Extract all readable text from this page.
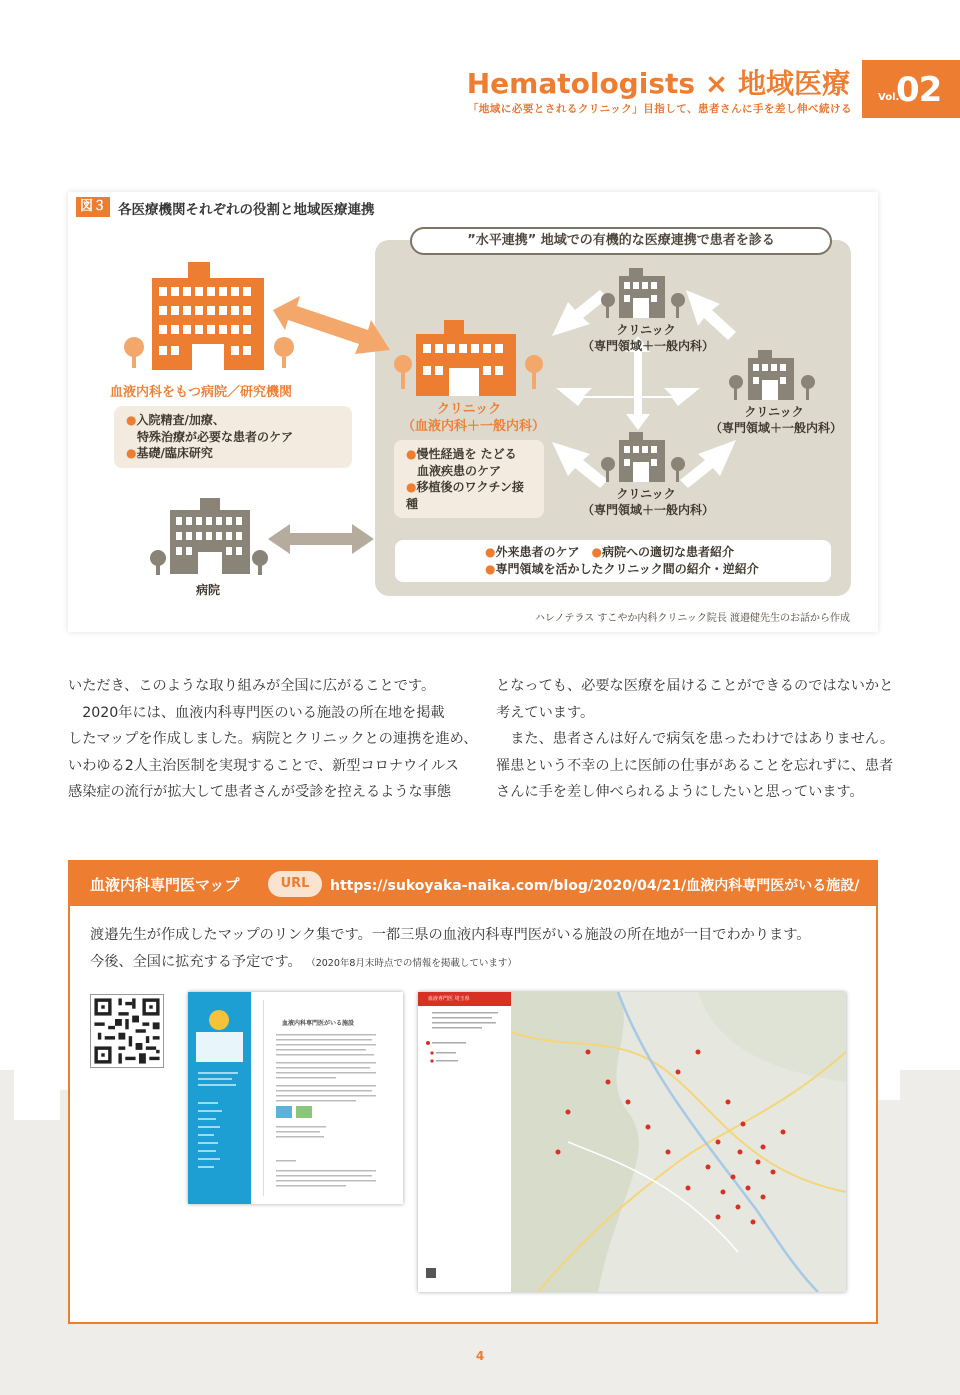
Hematologists × 地域医療
「地域に必要とされるクリニック」目指して、患者さんに手を差し伸べ続ける
Vol.
02
図３ 各医療機関それぞれの役割と地域医療連携
”水平連携” 地域での有機的な医療連携で患者を診る
血液内科をもつ病院／研究機関
●入院精査/加療、
特殊治療が必要な患者のケア
●基礎/臨床研究
クリニック
（血液内科＋一般内科）
●慢性経過を たどる
血液疾患のケア
●移植後のワクチン接種
クリニック
（専門領域＋一般内科）
クリニック
（専門領域＋一般内科）
クリニック
（専門領域＋一般内科）
病院
●外来患者のケア　 ●病院への適切な患者紹介
●専門領域を活かしたクリニック間の紹介・逆紹介
ハレノテラス すこやか内科クリニック院長 渡邉健先生のお話から作成

いただき、このような取り組みが全国に広がることです。

　2020年には、血液内科専門医のいる施設の所在地を掲載

したマップを作成しました。病院とクリニックとの連携を進め、

いわゆる2人主治医制を実現することで、新型コロナウイルス

感染症の流行が拡大して患者さんが受診を控えるような事態

となっても、必要な医療を届けることができるのではないかと

考えています。

　また、患者さんは好んで病気を患ったわけではありません。

罹患という不幸の上に医師の仕事があることを忘れずに、患者

さんに手を差し伸べられるようにしたいと思っています。

血液内科専門医マップ	URL	https://sukoyaka-naika.com/blog/2020/04/21/血液内科専門医がいる施設/
渡邉先生が作成したマップのリンク集です。一都三県の血液内科専門医がいる施設の所在地が一目でわかります。
今後、全国に拡充する予定です。 （2020年8月末時点での情報を掲載しています）
血液内科専門医がいる施設
血液専門医 埼玉県
4
